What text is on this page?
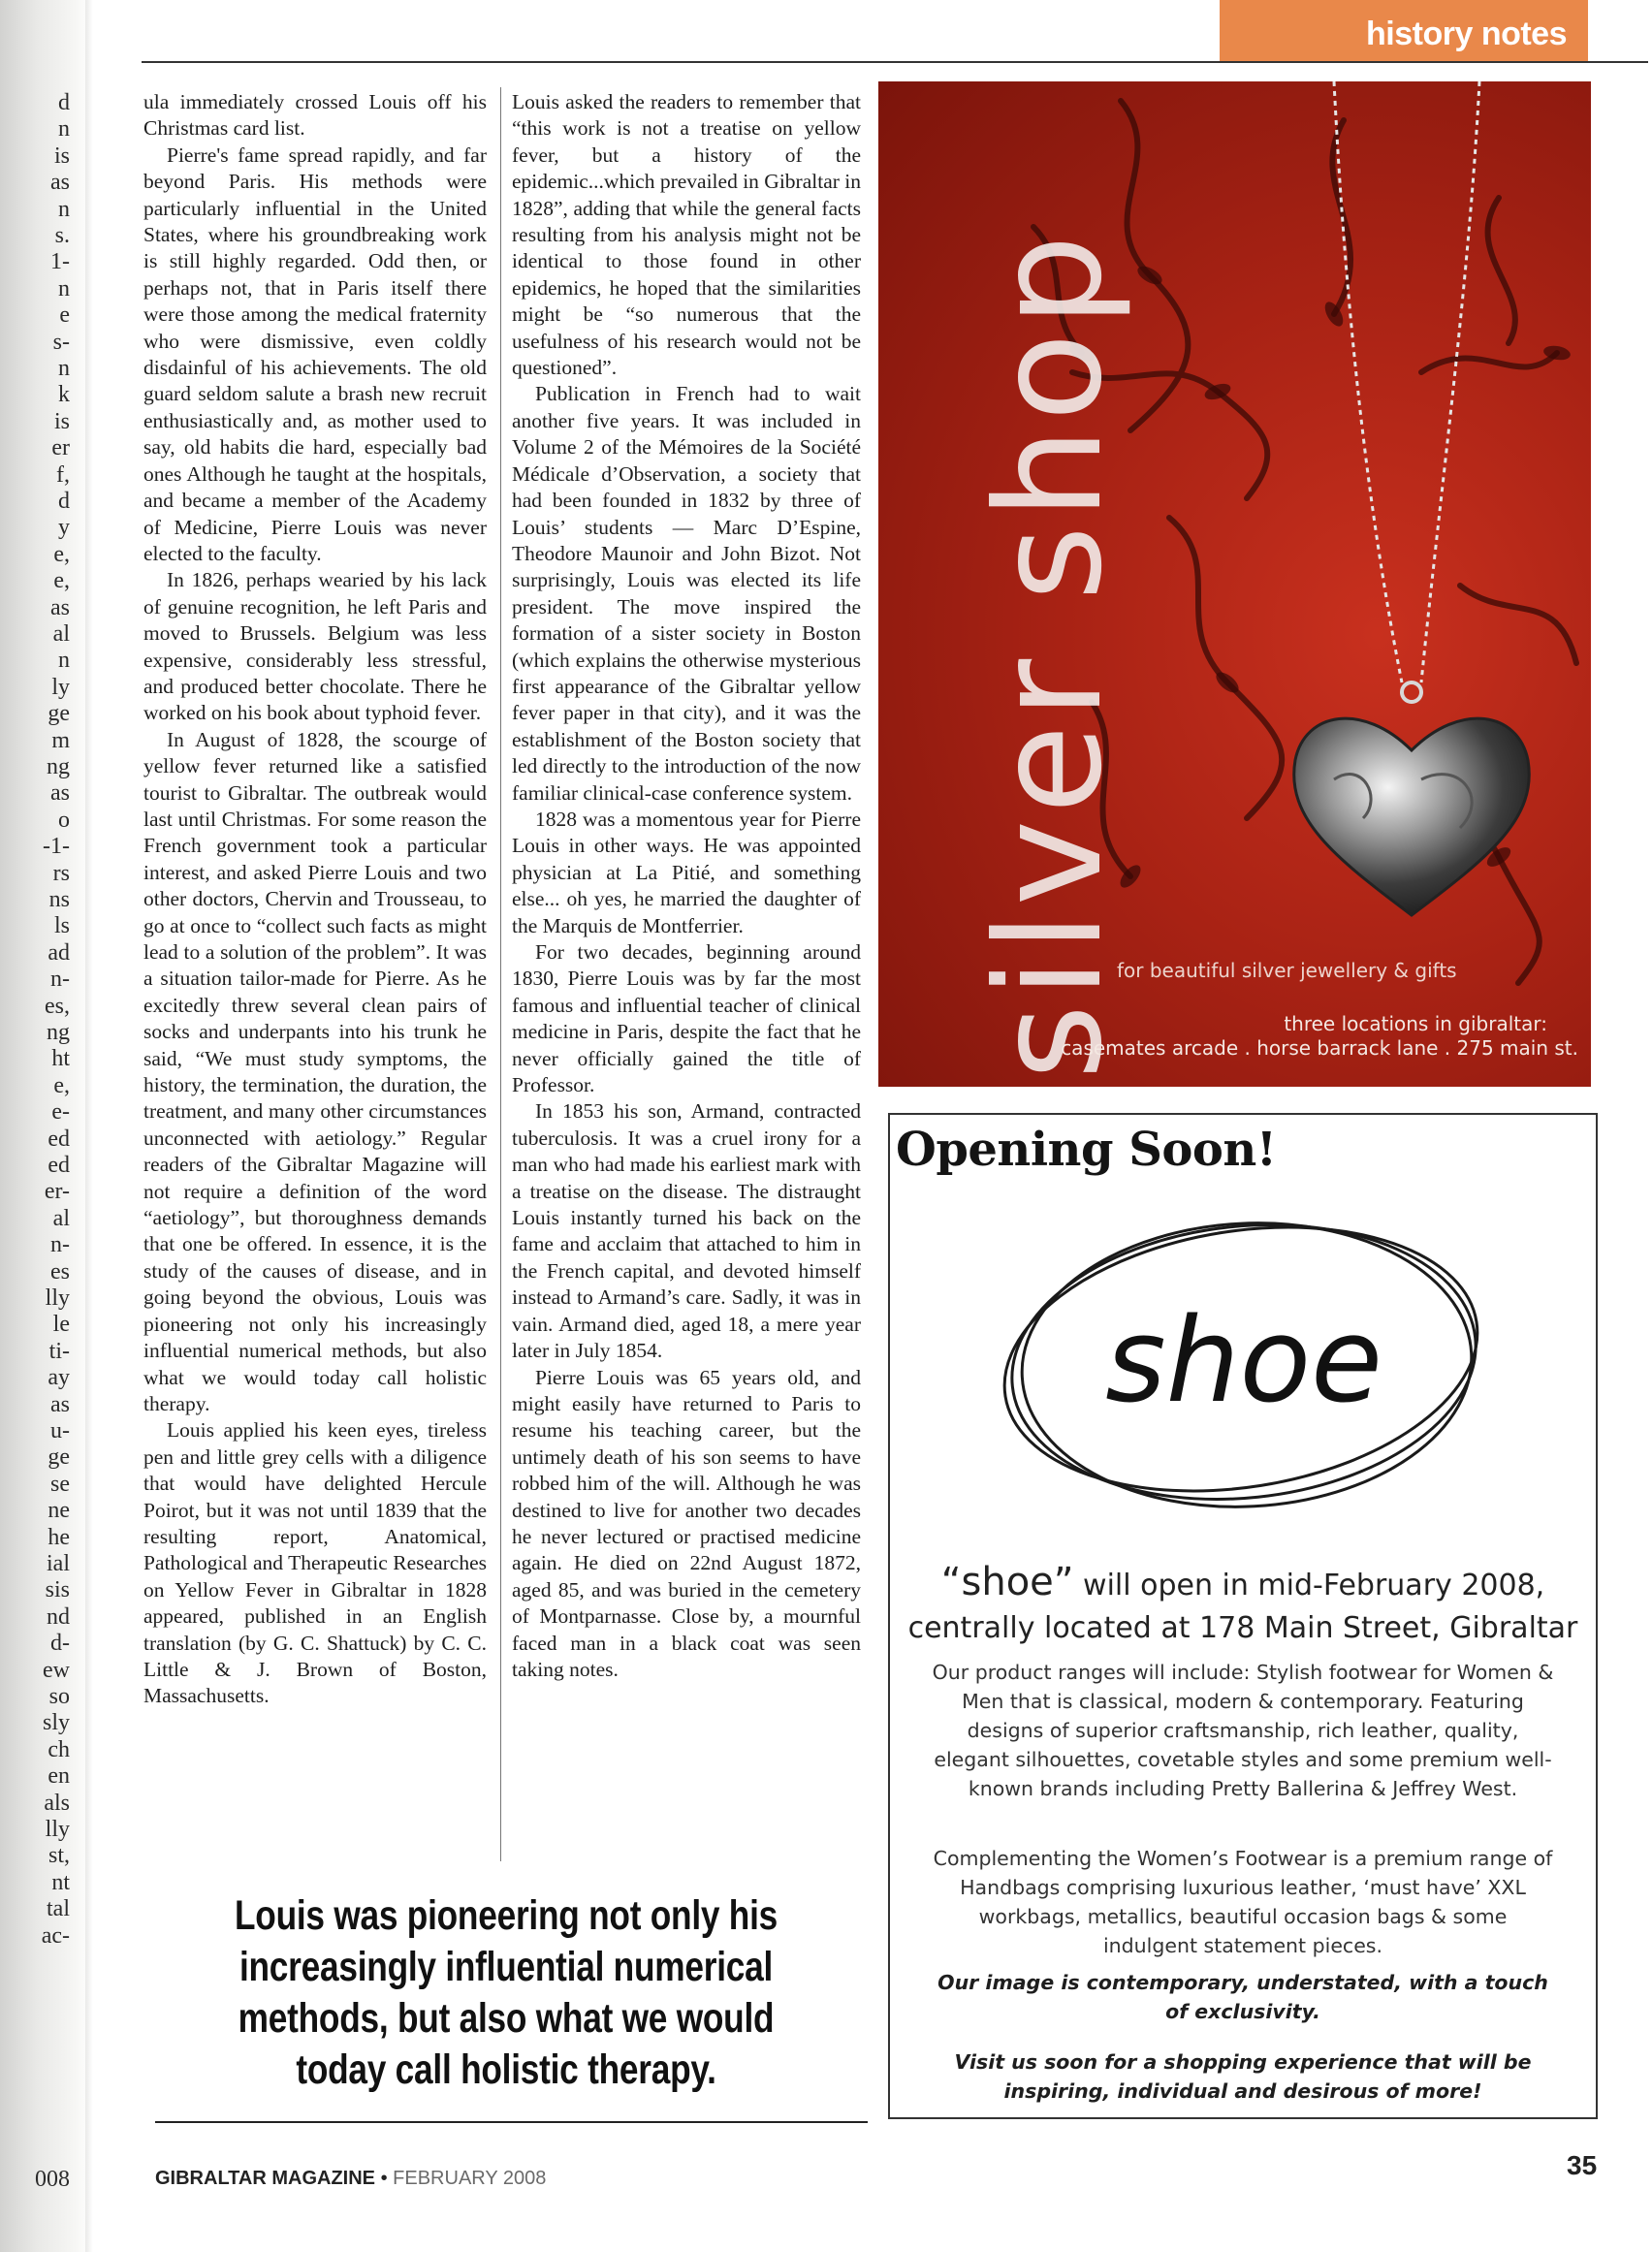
d
n
is
as
n
s.
1-
n
e
s-
n
k
is
er
f,
d
y
e,
e,
as
al
n
ly
ge
m
ng
as
o
-1-
rs
ns
ls
ad
n-
es,
ng
ht
e,
e-
ed
ed
er-
al
n-
es
lly
le
ti-
ay
as
u-
ge
se
ne
he
ial
sis
nd
d-
ew
so
sly
ch
en
als
lly
st,
nt
tal
ac-
008
history notes

ula immediately crossed Louis off his Christmas card list.

Pierre's fame spread rapidly, and far beyond Paris. His methods were particularly influential in the United States, where his groundbreaking work is still highly regarded. Odd then, or perhaps not, that in Paris itself there were those among the medical fraternity who were dismissive, even coldly disdainful of his achievements. The old guard seldom salute a brash new recruit enthusiastically and, as mother used to say, old habits die hard, especially bad ones Although he taught at the hospitals, and became a member of the Academy of Medicine, Pierre Louis was never elected to the faculty.

In 1826, perhaps wearied by his lack of genuine recognition, he left Paris and moved to Brussels. Belgium was less expensive, considerably less stressful, and produced better chocolate. There he worked on his book about typhoid fever.

In August of 1828, the scourge of yellow fever returned like a satisfied tourist to Gibraltar. The outbreak would last until Christmas. For some reason the French government took a particular interest, and asked Pierre Louis and two other doctors, Chervin and Trousseau, to go at once to “collect such facts as might lead to a solution of the problem”. It was a situation tailor-made for Pierre. As he excitedly threw several clean pairs of socks and underpants into his trunk he said, “We must study symptoms, the history, the termination, the duration, the treatment, and many other circumstances unconnected with aetiology.” Regular readers of the Gibraltar Magazine will not require a definition of the word “aetiology”, but thoroughness demands that one be offered. In essence, it is the study of the causes of disease, and in going beyond the obvious, Louis was pioneering not only his increasingly influential numerical methods, but also what we would today call holistic therapy.

Louis applied his keen eyes, tireless pen and little grey cells with a diligence that would have delighted Hercule Poirot, but it was not until 1839 that the resulting report, Anatomical, Pathological and Therapeutic Researches on Yellow Fever in Gibraltar in 1828 appeared, published in an English translation (by G. C. Shattuck) by C. C. Little & J. Brown of Boston, Massachusetts.

Louis asked the readers to remember that “this work is not a treatise on yellow fever, but a history of the epidemic...which prevailed in Gibraltar in 1828”, adding that while the general facts resulting from his analysis might not be identical to those found in other epidemics, he hoped that the similarities might be “so numerous that the usefulness of his research would not be questioned”.

Publication in French had to wait another five years. It was included in Volume 2 of the Mémoires de la Société Médicale d’Observation, a society that had been founded in 1832 by three of Louis’ students — Marc D’Espine, Theodore Maunoir and John Bizot. Not surprisingly, Louis was elected its life president. The move inspired the formation of a sister society in Boston (which explains the otherwise mysterious first appearance of the Gibraltar yellow fever paper in that city), and it was the establishment of the Boston society that led directly to the introduction of the now familiar clinical-case conference system.

1828 was a momentous year for Pierre Louis in other ways. He was appointed physician at La Pitié, and something else... oh yes, he married the daughter of the Marquis de Montferrier.

For two decades, beginning around 1830, Pierre Louis was by far the most famous and influential teacher of clinical medicine in Paris, despite the fact that he never officially gained the title of Professor.

In 1853 his son, Armand, contracted tuberculosis. It was a cruel irony for a man who had made his earliest mark with a treatise on the disease. The distraught Louis instantly turned his back on the fame and acclaim that attached to him in the French capital, and devoted himself instead to Armand’s care. Sadly, it was in vain. Armand died, aged 18, a mere year later in July 1854.

Pierre Louis was 65 years old, and might easily have returned to Paris to resume his teaching career, but the untimely death of his son seems to have robbed him of the will. Although he was destined to live for another two decades he never lectured or practised medicine again. He died on 22nd August 1872, aged 85, and was buried in the cemetery of Montparnasse. Close by, a mournful faced man in a black coat was seen taking notes.

Louis was pioneering not only his increasingly influential numerical methods, but also what we would today call holistic therapy.
silver shop
for beautiful silver jewellery & gifts
three locations in gibraltar:
casemates arcade . horse barrack lane . 275 main st.
Opening Soon!
shoe
“shoe” will open in mid-February 2008,
centrally located at 178 Main Street, Gibraltar
Our product ranges will include: Stylish footwear for Women & Men that is classical, modern & contemporary. Featuring designs of superior craftsmanship, rich leather, quality, elegant silhouettes, covetable styles and some premium well-known brands including Pretty Ballerina & Jeffrey West.
Complementing the Women’s Footwear is a premium range of Handbags comprising luxurious leather, ‘must have’ XXL workbags, metallics, beautiful occasion bags & some indulgent statement pieces.
Our image is contemporary, understated, with a touch of exclusivity.
Visit us soon for a shopping experience that will be inspiring, individual and desirous of more!
GIBRALTAR MAGAZINE • FEBRUARY 2008	35
